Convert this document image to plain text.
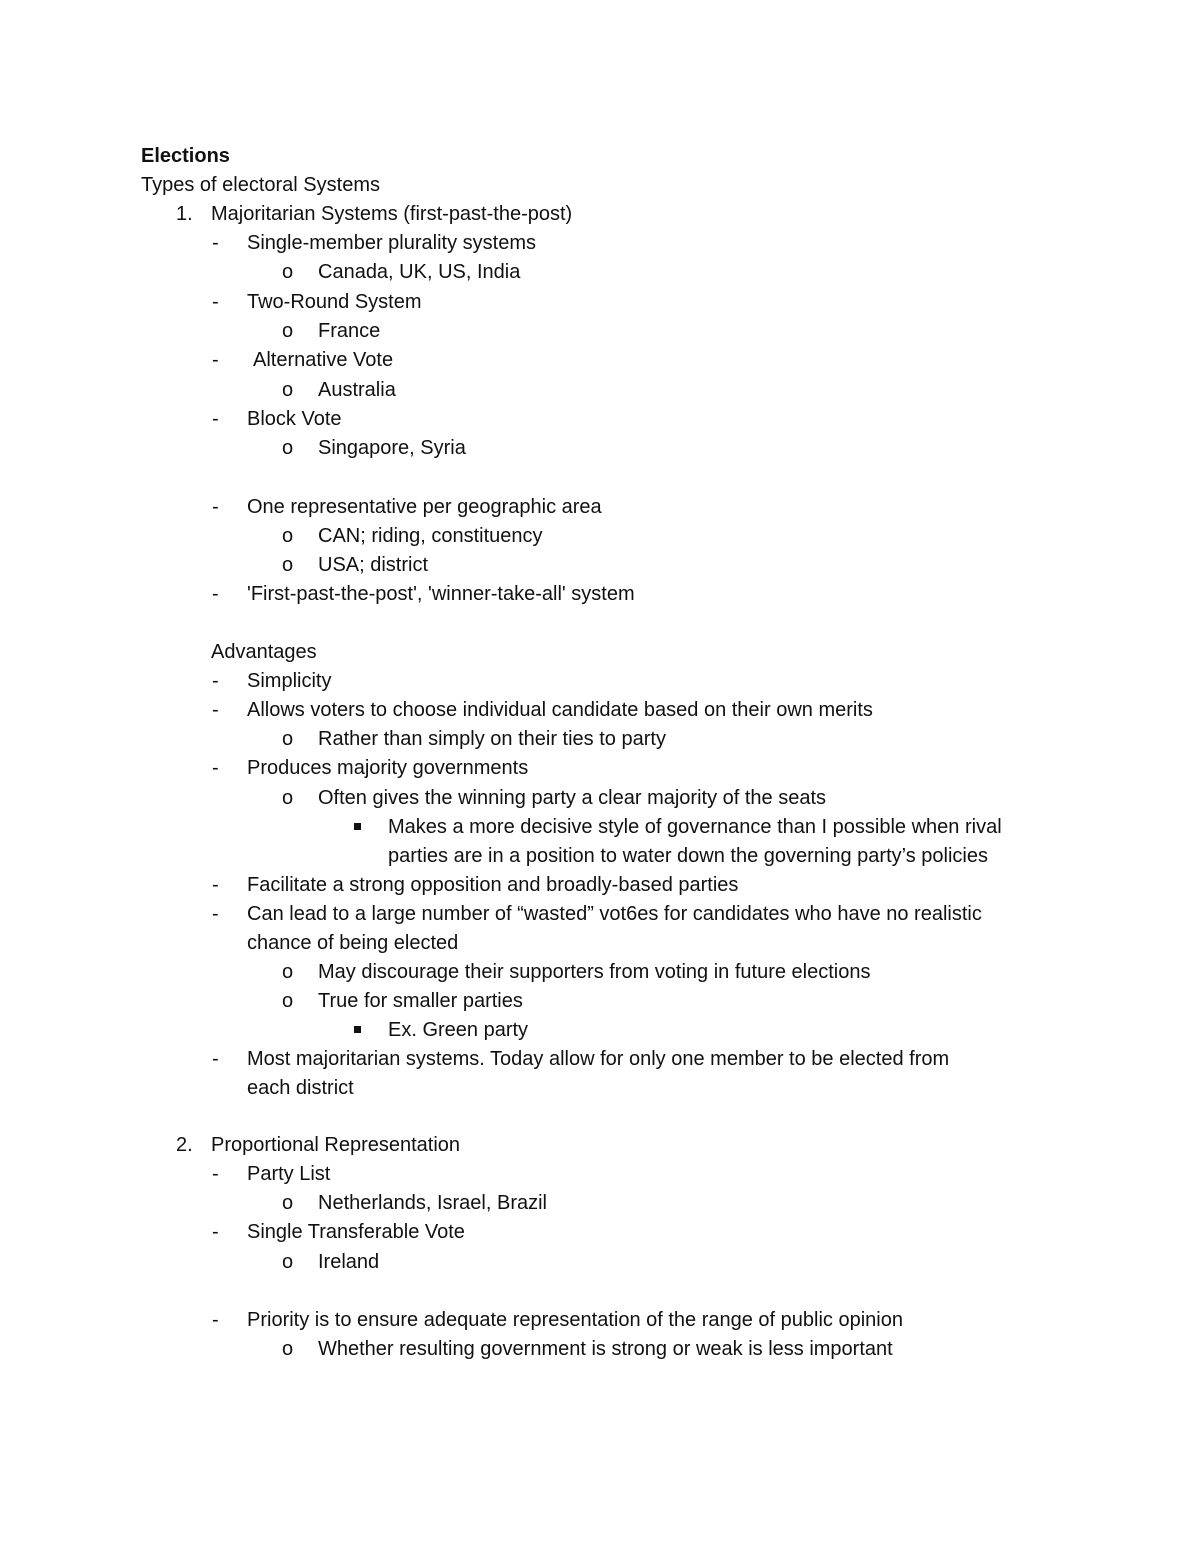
Elections
Types of electoral Systems
1. Majoritarian Systems (first-past-the-post)
- Single-member plurality systems
o Canada, UK, US, India
- Two-Round System
o France
- Alternative Vote
o Australia
- Block Vote
o Singapore, Syria
- One representative per geographic area
o CAN; riding, constituency
o USA; district
- 'First-past-the-post', 'winner-take-all' system
Advantages
- Simplicity
- Allows voters to choose individual candidate based on their own merits
o Rather than simply on their ties to party
- Produces majority governments
o Often gives the winning party a clear majority of the seats
Makes a more decisive style of governance than I possible when rival
parties are in a position to water down the governing party’s policies
- Facilitate a strong opposition and broadly-based parties
- Can lead to a large number of “wasted” vot6es for candidates who have no realistic
chance of being elected
o May discourage their supporters from voting in future elections
o True for smaller parties
Ex. Green party
- Most majoritarian systems. Today allow for only one member to be elected from
each district
2. Proportional Representation
- Party List
o Netherlands, Israel, Brazil
- Single Transferable Vote
o Ireland
- Priority is to ensure adequate representation of the range of public opinion
o Whether resulting government is strong or weak is less important
